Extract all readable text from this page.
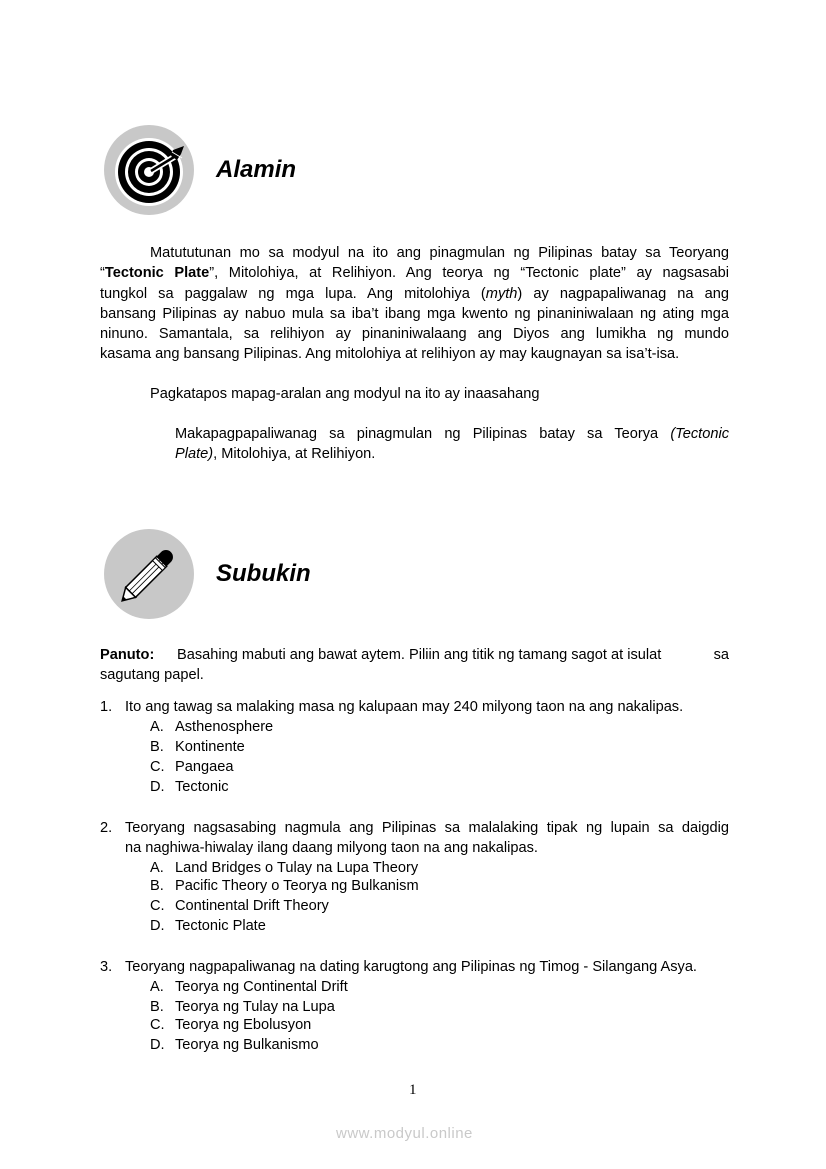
Alamin
Matututunan mo sa modyul na ito ang pinagmulan ng Pilipinas batay sa Teoryang
“Tectonic Plate”, Mitolohiya, at Relihiyon. Ang teorya ng “Tectonic plate” ay nagsasabi
tungkol sa paggalaw ng mga lupa. Ang mitolohiya (myth) ay nagpapaliwanag na ang
bansang Pilipinas ay nabuo mula sa iba’t ibang mga kwento ng pinaniniwalaan ng ating mga
ninuno. Samantala, sa relihiyon ay pinaniniwalaang ang Diyos ang lumikha ng mundo
kasama ang bansang Pilipinas. Ang mitolohiya at relihiyon ay may kaugnayan sa isa’t-isa.
Pagkatapos mapag-aralan ang modyul na ito ay inaasahang
Makapagpapaliwanag sa pinagmulan ng Pilipinas batay sa Teorya (Tectonic
Plate), Mitolohiya, at Relihiyon.
Subukin
Panuto: Basahing mabuti ang bawat aytem. Piliin ang titik ng tamang sagot at isulat	sa
sagutang papel.
1. Ito ang tawag sa malaking masa ng kalupaan may 240 milyong taon na ang nakalipas.
A. Asthenosphere
B. Kontinente
C. Pangaea
D. Tectonic
2. Teoryang nagsasabing nagmula ang Pilipinas sa malalaking tipak ng lupain sa daigdig
na naghiwa-hiwalay ilang daang milyong taon na ang nakalipas.
A. Land Bridges o Tulay na Lupa Theory
B. Pacific Theory o Teorya ng Bulkanism
C. Continental Drift Theory
D. Tectonic Plate
3. Teoryang nagpapaliwanag na dating karugtong ang Pilipinas ng Timog - Silangang Asya.
A. Teorya ng Continental Drift
B. Teorya ng Tulay na Lupa
C. Teorya ng Ebolusyon
D. Teorya ng Bulkanismo
1
www.modyul.online
